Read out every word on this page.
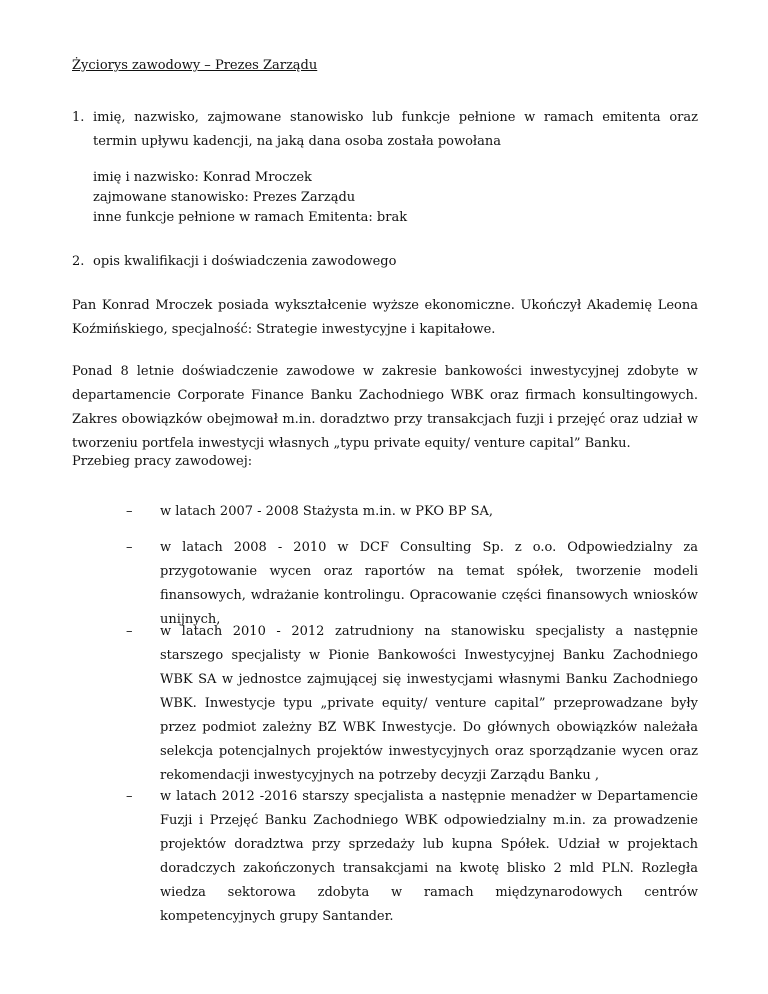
Życiorys zawodowy – Prezes Zarządu
1. imię, nazwisko, zajmowane stanowisko lub funkcje pełnione w ramach emitenta oraz termin upływu kadencji, na jaką dana osoba została powołana
imię i nazwisko: Konrad Mroczek
zajmowane stanowisko: Prezes Zarządu
inne funkcje pełnione w ramach Emitenta: brak
2. opis kwalifikacji i doświadczenia zawodowego
Pan Konrad Mroczek posiada wykształcenie wyższe ekonomiczne. Ukończył Akademię Leona Koźmińskiego, specjalność: Strategie inwestycyjne i kapitałowe.
Ponad 8 letnie doświadczenie zawodowe w zakresie bankowości inwestycyjnej zdobyte w departamencie Corporate Finance Banku Zachodniego WBK oraz firmach konsultingowych. Zakres obowiązków obejmował m.in. doradztwo przy transakcjach fuzji i przejęć oraz udział w tworzeniu portfela inwestycji własnych „typu private equity/ venture capital” Banku.
Przebieg pracy zawodowej:
–	w latach 2007 - 2008 Stażysta m.in. w PKO BP SA,
–	w latach 2008 - 2010 w DCF Consulting Sp. z o.o. Odpowiedzialny za przygotowanie wycen oraz raportów na temat spółek, tworzenie modeli finansowych, wdrażanie kontrolingu. Opracowanie części finansowych wniosków unijnych,
–	w latach 2010 - 2012 zatrudniony na stanowisku specjalisty a następnie starszego specjalisty w Pionie Bankowości Inwestycyjnej Banku Zachodniego WBK SA w jednostce zajmującej się inwestycjami własnymi Banku Zachodniego WBK. Inwestycje typu „private equity/ venture capital” przeprowadzane były przez podmiot zależny BZ WBK Inwestycje. Do głównych obowiązków należała selekcja potencjalnych projektów inwestycyjnych oraz sporządzanie wycen oraz rekomendacji inwestycyjnych na potrzeby decyzji Zarządu Banku ,
–	w latach 2012 -2016 starszy specjalista a następnie menadżer w Departamencie Fuzji i Przejęć Banku Zachodniego WBK odpowiedzialny m.in. za prowadzenie projektów doradztwa przy sprzedaży lub kupna Spółek. Udział w projektach doradczych zakończonych transakcjami na kwotę blisko 2 mld PLN. Rozległa wiedza sektorowa zdobyta w ramach międzynarodowych centrów kompetencyjnych grupy Santander.
